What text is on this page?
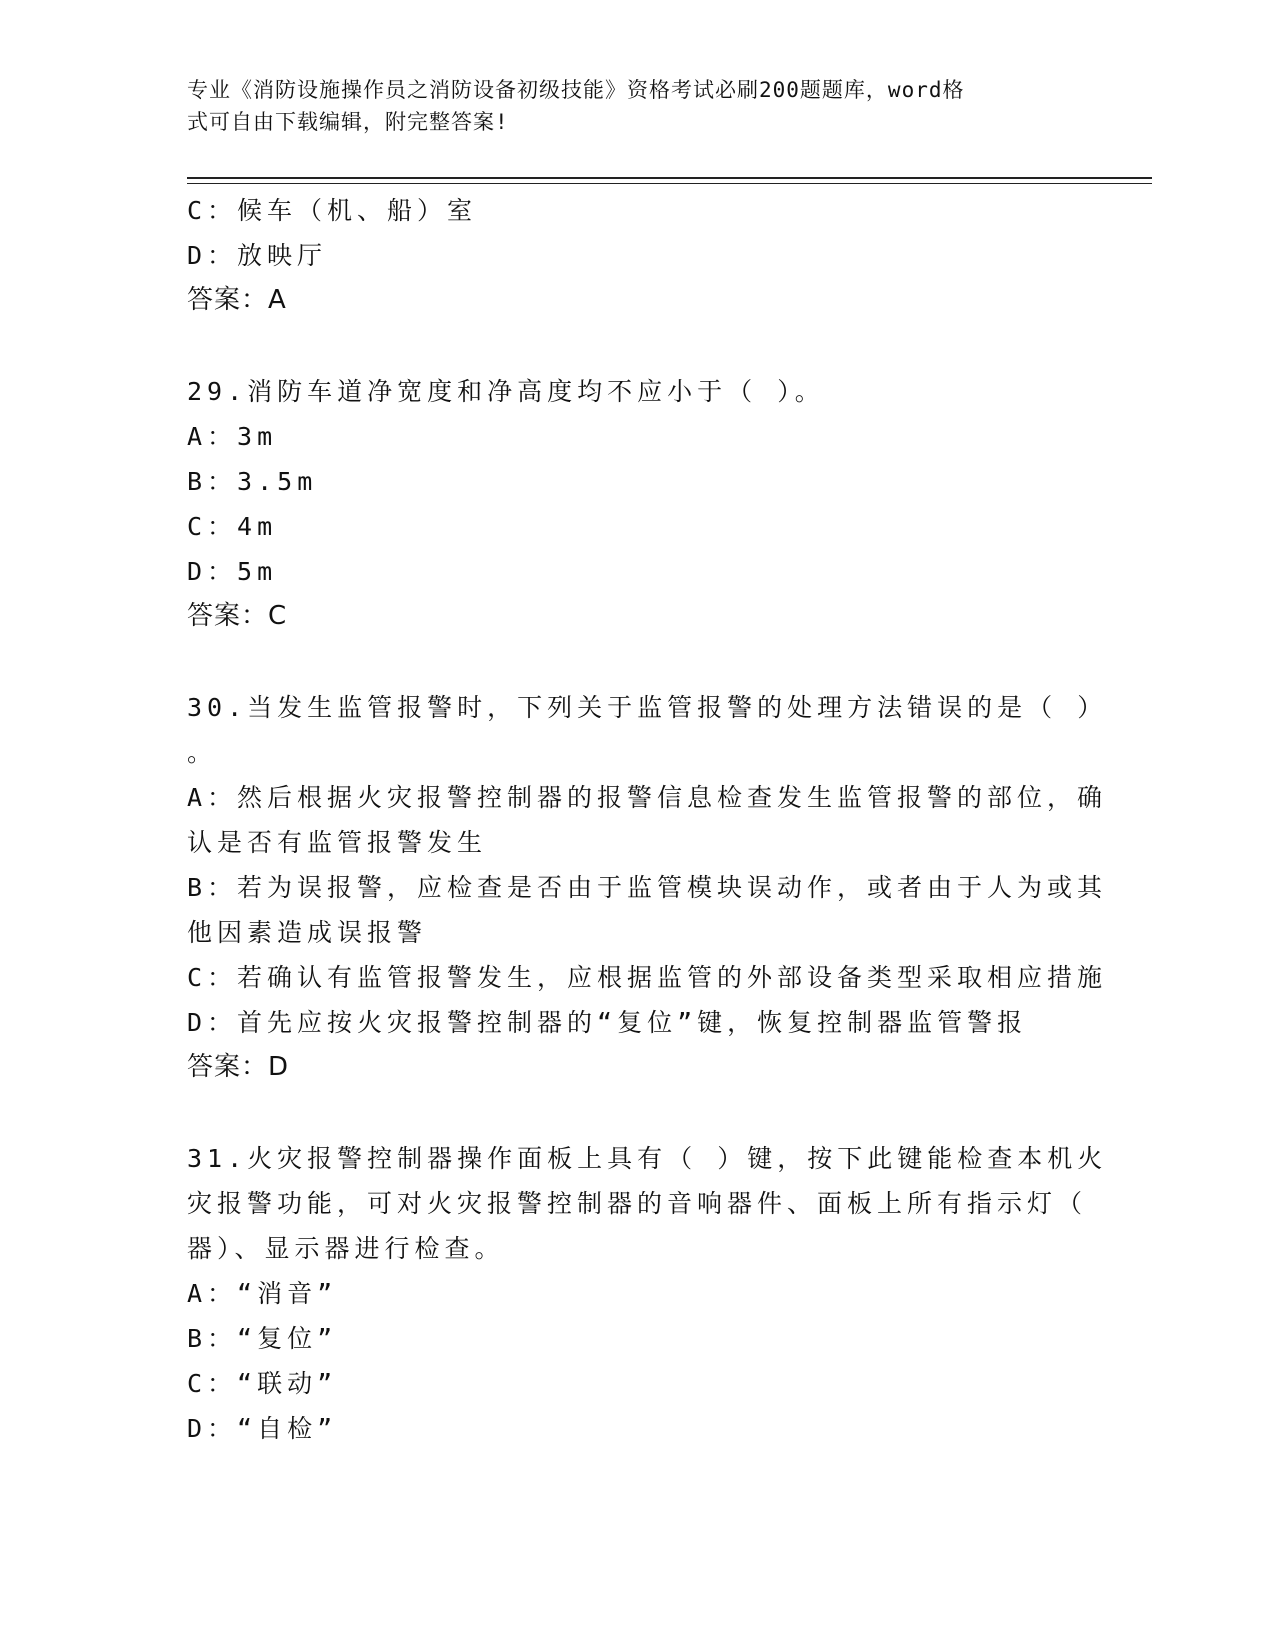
专业《消防设施操作员之消防设备初级技能》资格考试必刷200题题库，word格
式可自由下载编辑，附完整答案!
C：候车（机、船）室
D：放映厅
答案：A
29.消防车道净宽度和净高度均不应小于（ ）。
A：3m
B：3.5m
C：4m
D：5m
答案：C
30.当发生监管报警时，下列关于监管报警的处理方法错误的是（ ）
。
A：然后根据火灾报警控制器的报警信息检查发生监管报警的部位，确
认是否有监管报警发生
B：若为误报警，应检查是否由于监管模块误动作，或者由于人为或其
他因素造成误报警
C：若确认有监管报警发生，应根据监管的外部设备类型采取相应措施
D：首先应按火灾报警控制器的“复位”键，恢复控制器监管警报
答案：D
31.火灾报警控制器操作面板上具有（ ）键，按下此键能检查本机火
灾报警功能，可对火灾报警控制器的音响器件、面板上所有指示灯（
器）、显示器进行检查。
A：“消音”
B：“复位”
C：“联动”
D：“自检”
